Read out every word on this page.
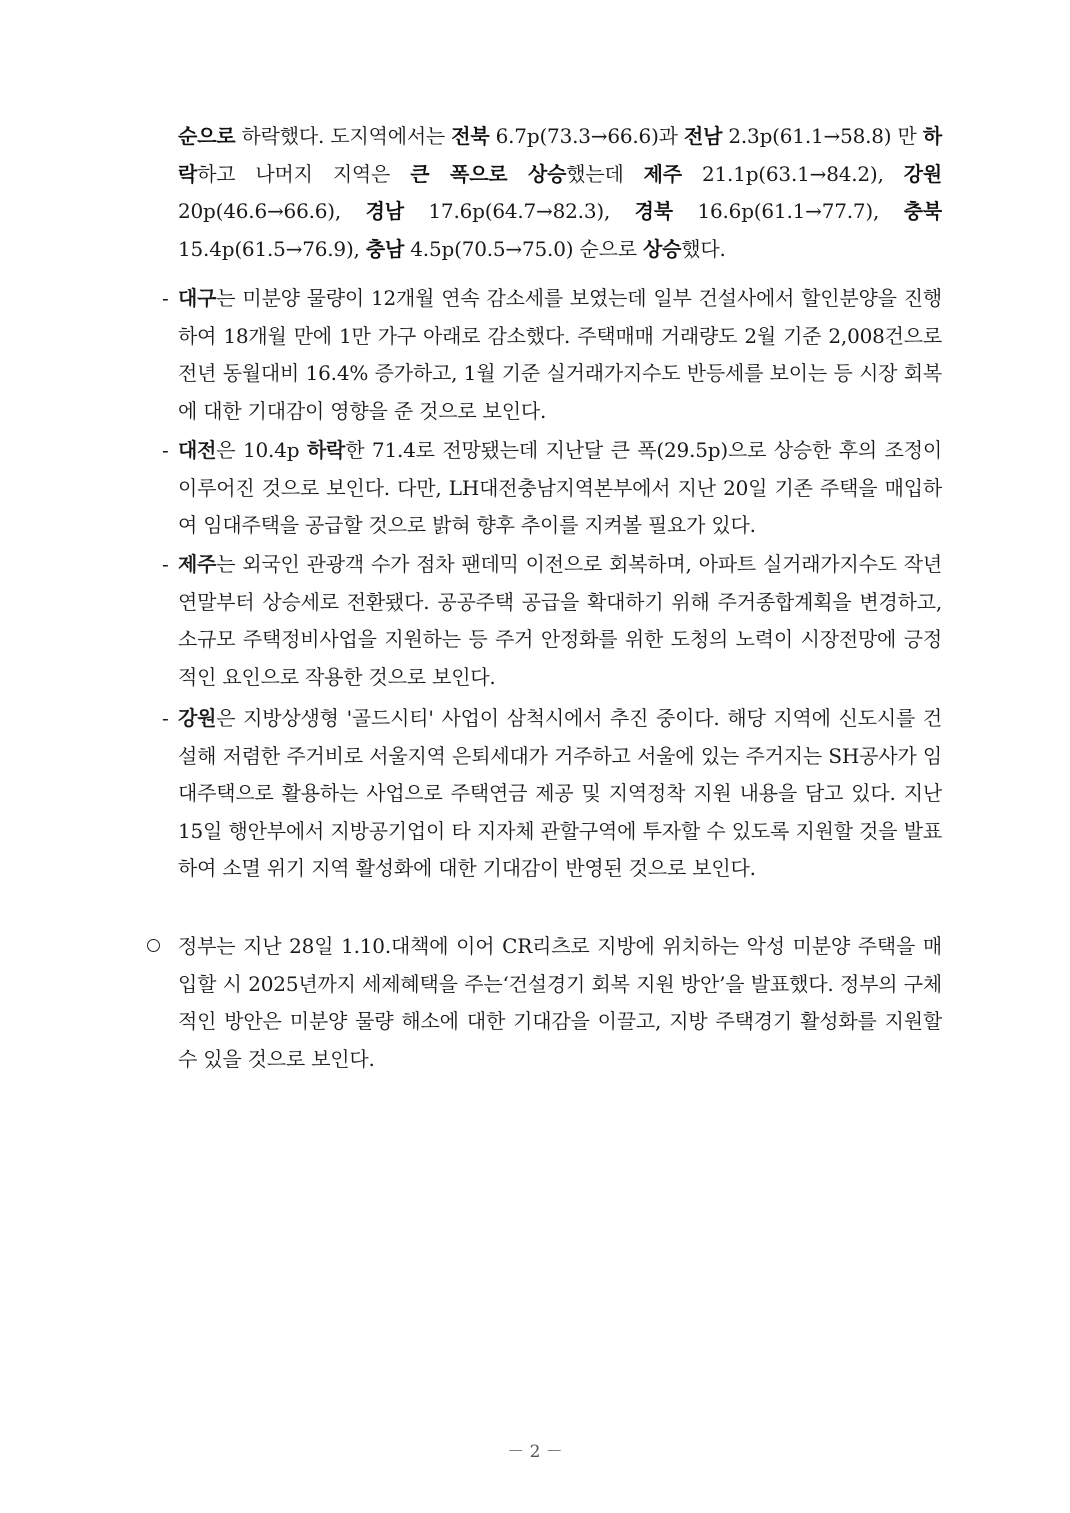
순으로 하락했다. 도지역에서는 전북 6.7p(73.3→66.6)과 전남 2.3p(61.1→58.8) 만 하락하고 나머지 지역은 큰 폭으로 상승했는데 제주 21.1p(63.1→84.2), 강원 20p(46.6→66.6), 경남 17.6p(64.7→82.3), 경북 16.6p(61.1→77.7), 충북 15.4p(61.5→76.9), 충남 4.5p(70.5→75.0) 순으로 상승했다.
- 대구는 미분양 물량이 12개월 연속 감소세를 보였는데 일부 건설사에서 할인분양을 진행하여 18개월 만에 1만 가구 아래로 감소했다. 주택매매 거래량도 2월 기준 2,008건으로 전년 동월대비 16.4% 증가하고, 1월 기준 실거래가지수도 반등세를 보이는 등 시장 회복에 대한 기대감이 영향을 준 것으로 보인다.
- 대전은 10.4p 하락한 71.4로 전망됐는데 지난달 큰 폭(29.5p)으로 상승한 후의 조정이 이루어진 것으로 보인다. 다만, LH대전충남지역본부에서 지난 20일 기존 주택을 매입하여 임대주택을 공급할 것으로 밝혀 향후 추이를 지켜볼 필요가 있다.
- 제주는 외국인 관광객 수가 점차 팬데믹 이전으로 회복하며, 아파트 실거래가지수도 작년 연말부터 상승세로 전환됐다. 공공주택 공급을 확대하기 위해 주거종합계획을 변경하고, 소규모 주택정비사업을 지원하는 등 주거 안정화를 위한 도청의 노력이 시장전망에 긍정적인 요인으로 작용한 것으로 보인다.
- 강원은 지방상생형 '골드시티' 사업이 삼척시에서 추진 중이다. 해당 지역에 신도시를 건설해 저렴한 주거비로 서울지역 은퇴세대가 거주하고 서울에 있는 주거지는 SH공사가 임대주택으로 활용하는 사업으로 주택연금 제공 및 지역정착 지원 내용을 담고 있다. 지난 15일 행안부에서 지방공기업이 타 지자체 관할구역에 투자할 수 있도록 지원할 것을 발표하여 소멸 위기 지역 활성화에 대한 기대감이 반영된 것으로 보인다.
정부는 지난 28일 1.10.대책에 이어 CR리츠로 지방에 위치하는 악성 미분양 주택을 매입할 시 2025년까지 세제혜택을 주는‘건설경기 회복 지원 방안’을 발표했다. 정부의 구체적인 방안은 미분양 물량 해소에 대한 기대감을 이끌고, 지방 주택경기 활성화를 지원할 수 있을 것으로 보인다.
－ 2 －
